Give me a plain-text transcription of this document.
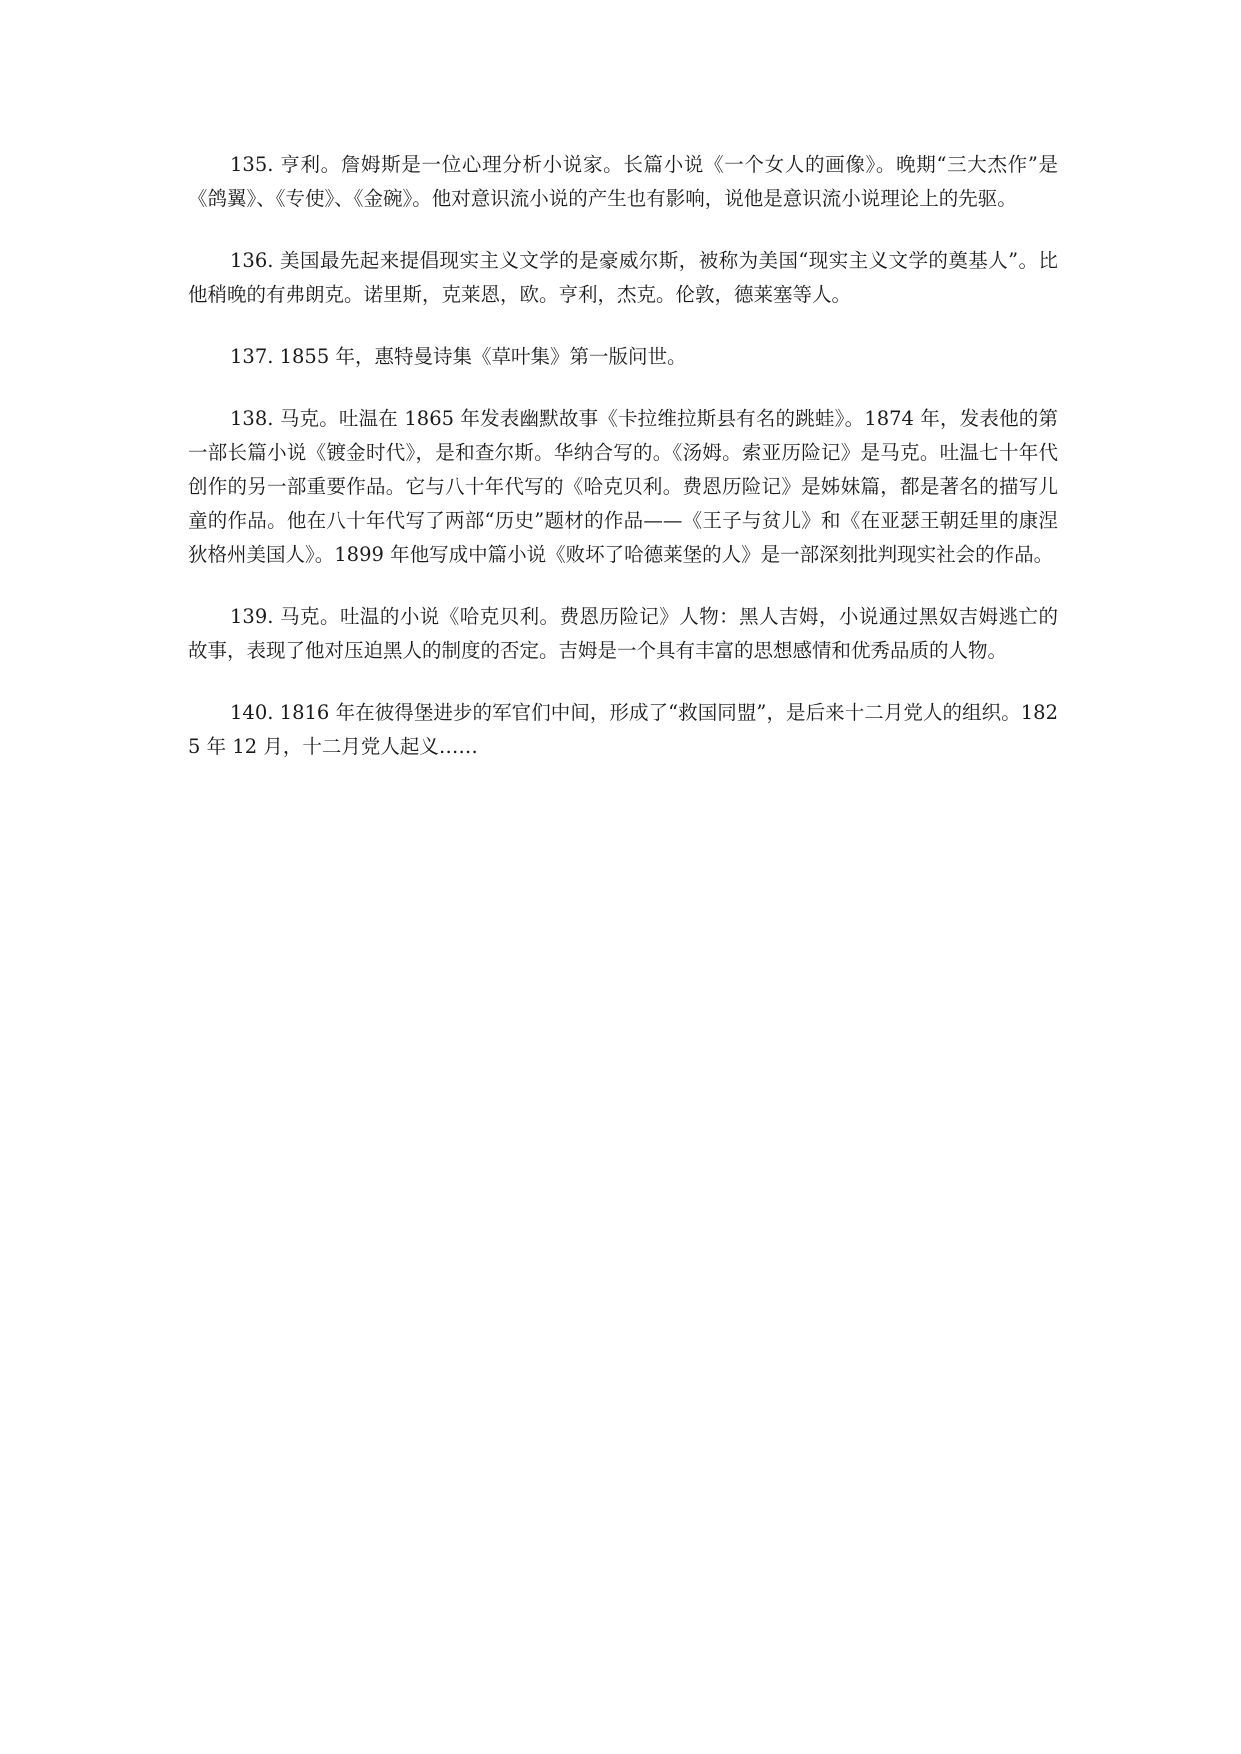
135. 亨利。詹姆斯是一位心理分析小说家。长篇小说《一个女人的画像》。晚期“三大杰作”是《鸽翼》、《专使》、《金碗》。他对意识流小说的产生也有影响，说他是意识流小说理论上的先驱。

136. 美国最先起来提倡现实主义文学的是豪威尔斯，被称为美国“现实主义文学的奠基人”。比他稍晚的有弗朗克。诺里斯，克莱恩，欧。亨利，杰克。伦敦，德莱塞等人。

137. 1855 年，惠特曼诗集《草叶集》第一版问世。

138. 马克。吐温在 1865 年发表幽默故事《卡拉维拉斯县有名的跳蛙》。1874 年，发表他的第一部长篇小说《镀金时代》，是和查尔斯。华纳合写的。《汤姆。索亚历险记》是马克。吐温七十年代创作的另一部重要作品。它与八十年代写的《哈克贝利。费恩历险记》是姊妹篇，都是著名的描写儿童的作品。他在八十年代写了两部“历史”题材的作品——《王子与贫儿》和《在亚瑟王朝廷里的康涅狄格州美国人》。1899 年他写成中篇小说《败坏了哈德莱堡的人》是一部深刻批判现实社会的作品。

139. 马克。吐温的小说《哈克贝利。费恩历险记》人物：黑人吉姆，小说通过黑奴吉姆逃亡的故事，表现了他对压迫黑人的制度的否定。吉姆是一个具有丰富的思想感情和优秀品质的人物。

140. 1816 年在彼得堡进步的军官们中间，形成了“救国同盟”，是后来十二月党人的组织。1825 年 12 月，十二月党人起义……
